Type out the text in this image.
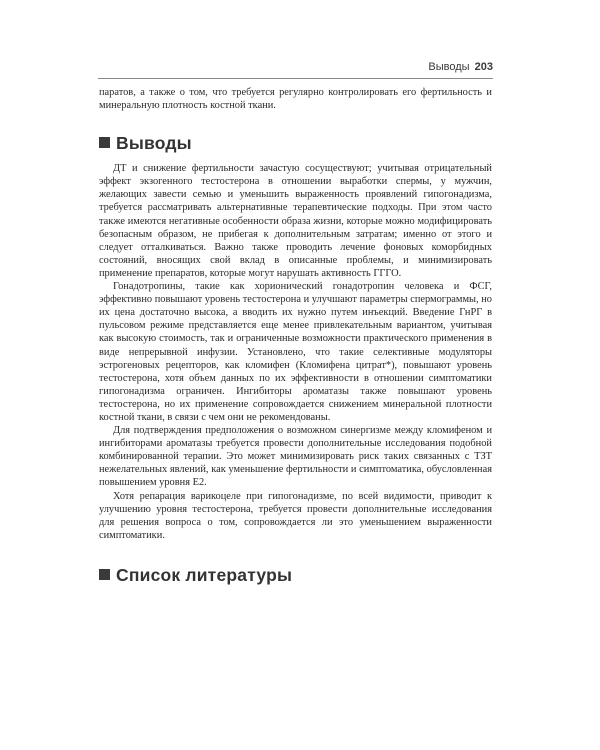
Выводы 203

паратов, а также о том, что требуется регулярно контролировать его фертильность и минеральную плотность костной ткани.

Выводы

ДТ и снижение фертильности зачастую сосуществуют; учитывая отрицательный эффект экзогенного тестостерона в отношении выработки спермы, у мужчин, желающих завести семью и уменьшить выраженность проявлений гипогонадизма, требуется рассматривать альтернативные терапевтические подходы. При этом часто также имеются негативные особенности образа жизни, которые можно модифицировать безопасным образом, не прибегая к дополнительным затратам; именно от этого и следует отталкиваться. Важно также проводить лечение фоновых коморбидных состояний, вносящих свой вклад в описанные проблемы, и минимизировать применение препаратов, которые могут нарушать активность ГГГО.

Гонадотропины, такие как хорионический гонадотропин человека и ФСГ, эффективно повышают уровень тестостерона и улучшают параметры спермограммы, но их цена достаточно высока, а вводить их нужно путем инъекций. Введение ГнРГ в пульсовом режиме представляется еще менее привлекательным вариантом, учитывая как высокую стоимость, так и ограниченные возможности практического применения в виде непрерывной инфузии. Установлено, что такие селективные модуляторы эстрогеновых рецепторов, как кломифен (Кломифена цитрат*), повышают уровень тестостерона, хотя объем данных по их эффективности в отношении симптоматики гипогонадизма ограничен. Ингибиторы ароматазы также повышают уровень тестостерона, но их применение сопровождается снижением минеральной плотности костной ткани, в связи с чем они не рекомендованы.

Для подтверждения предположения о возможном синергизме между кломифеном и ингибиторами ароматазы требуется провести дополнительные исследования подобной комбинированной терапии. Это может минимизировать риск таких связанных с ТЗТ нежелательных явлений, как уменьшение фертильности и симптоматика, обусловленная повышением уровня Е2.

Хотя репарация варикоцеле при гипогонадизме, по всей видимости, приводит к улучшению уровня тестостерона, требуется провести дополнительные исследования для решения вопроса о том, сопровождается ли это уменьшением выраженности симптоматики.

Список литературы
